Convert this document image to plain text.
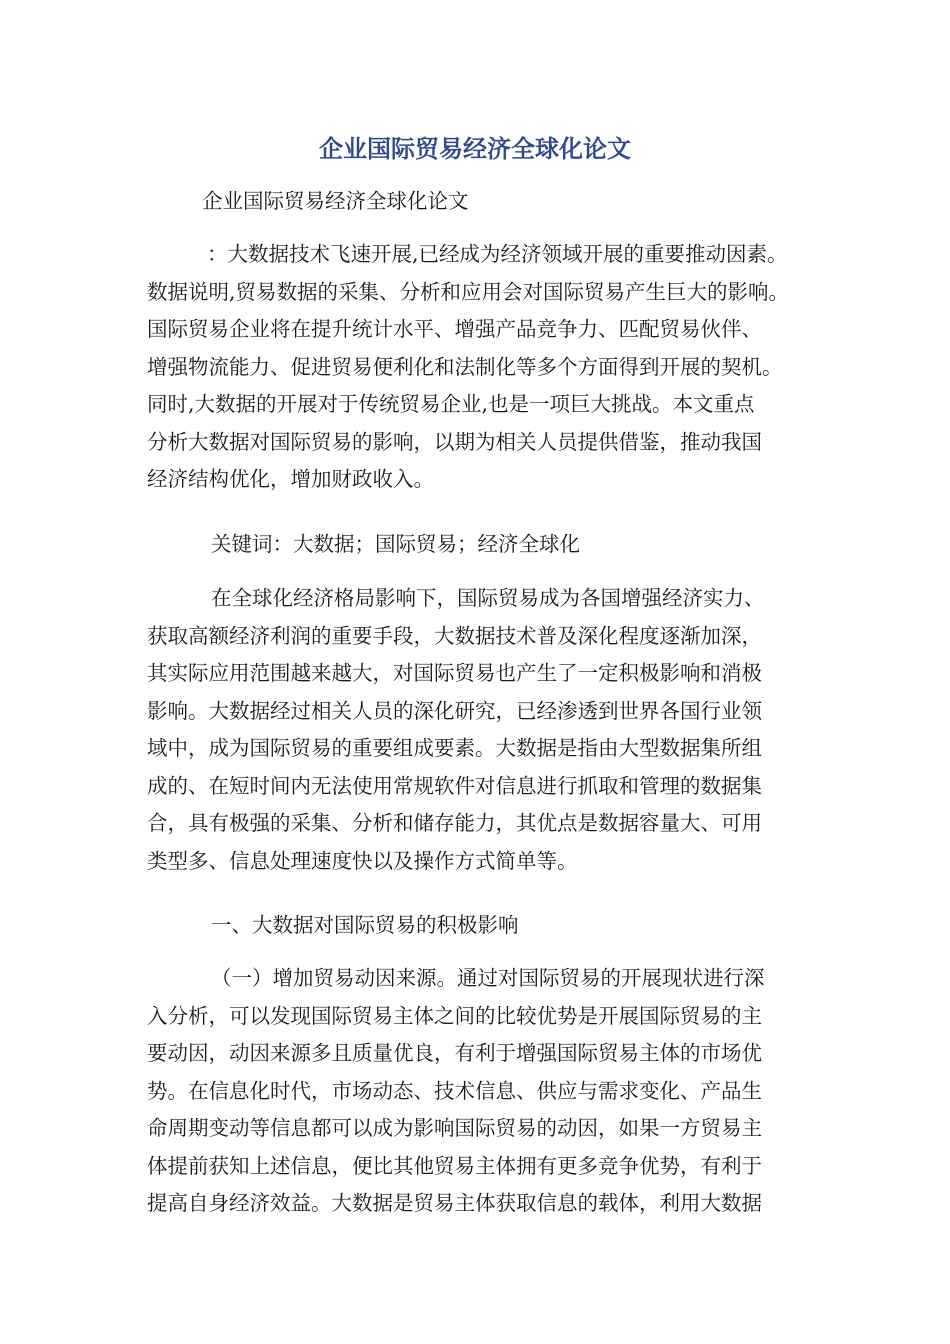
企业国际贸易经济全球化论文
企业国际贸易经济全球化论文
：大数据技术飞速开展,已经成为经济领域开展的重要推动因素。
数据说明,贸易数据的采集、分析和应用会对国际贸易产生巨大的影响。
国际贸易企业将在提升统计水平、增强产品竞争力、匹配贸易伙伴、
增强物流能力、促进贸易便利化和法制化等多个方面得到开展的契机。
同时,大数据的开展对于传统贸易企业,也是一项巨大挑战。本文重点
分析大数据对国际贸易的影响，以期为相关人员提供借鉴，推动我国
经济结构优化，增加财政收入。
关键词：大数据；国际贸易；经济全球化
在全球化经济格局影响下，国际贸易成为各国增强经济实力、
获取高额经济利润的重要手段，大数据技术普及深化程度逐渐加深，
其实际应用范围越来越大，对国际贸易也产生了一定积极影响和消极
影响。大数据经过相关人员的深化研究，已经渗透到世界各国行业领
域中，成为国际贸易的重要组成要素。大数据是指由大型数据集所组
成的、在短时间内无法使用常规软件对信息进行抓取和管理的数据集
合，具有极强的采集、分析和储存能力，其优点是数据容量大、可用
类型多、信息处理速度快以及操作方式简单等。
一、大数据对国际贸易的积极影响
（一）增加贸易动因来源。通过对国际贸易的开展现状进行深
入分析，可以发现国际贸易主体之间的比较优势是开展国际贸易的主
要动因，动因来源多且质量优良，有利于增强国际贸易主体的市场优
势。在信息化时代，市场动态、技术信息、供应与需求变化、产品生
命周期变动等信息都可以成为影响国际贸易的动因，如果一方贸易主
体提前获知上述信息，便比其他贸易主体拥有更多竞争优势，有利于
提高自身经济效益。大数据是贸易主体获取信息的载体，利用大数据
